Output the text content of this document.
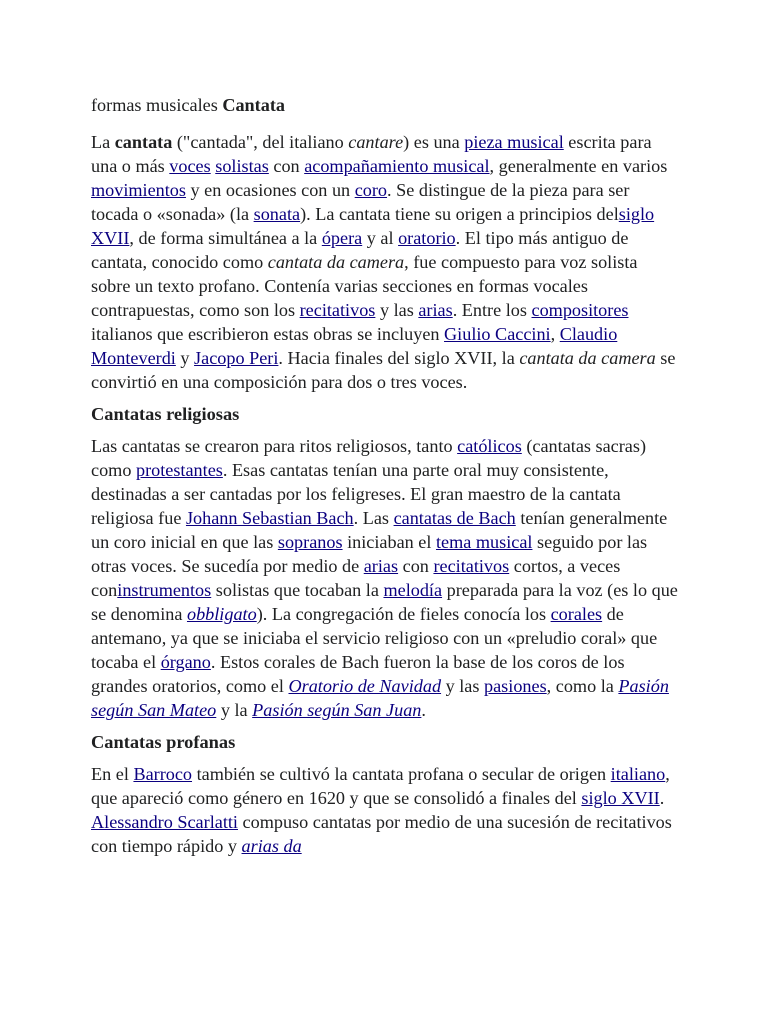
formas musicales Cantata

La cantata ("cantada", del italiano cantare) es una pieza musical escrita para una o más voces solistas con acompañamiento musical, generalmente en varios movimientos y en ocasiones con un coro. Se distingue de la pieza para ser tocada o «sonada» (la sonata). La cantata tiene su origen a principios delsiglo XVII, de forma simultánea a la ópera y al oratorio. El tipo más antiguo de cantata, conocido como cantata da camera, fue compuesto para voz solista sobre un texto profano. Contenía varias secciones en formas vocales contrapuestas, como son los recitativos y las arias. Entre los compositores italianos que escribieron estas obras se incluyen Giulio Caccini, Claudio Monteverdi y Jacopo Peri. Hacia finales del siglo XVII, la cantata da camera se convirtió en una composición para dos o tres voces.

Cantatas religiosas

Las cantatas se crearon para ritos religiosos, tanto católicos (cantatas sacras) como protestantes. Esas cantatas tenían una parte oral muy consistente, destinadas a ser cantadas por los feligreses. El gran maestro de la cantata religiosa fue Johann Sebastian Bach. Las cantatas de Bach tenían generalmente un coro inicial en que las sopranos iniciaban el tema musical seguido por las otras voces. Se sucedía por medio de arias con recitativos cortos, a veces coninstrumentos solistas que tocaban la melodía preparada para la voz (es lo que se denomina obbligato). La congregación de fieles conocía los corales de antemano, ya que se iniciaba el servicio religioso con un «preludio coral» que tocaba el órgano. Estos corales de Bach fueron la base de los coros de los grandes oratorios, como el Oratorio de Navidad y las pasiones, como la Pasión según San Mateo y la Pasión según San Juan.

Cantatas profanas

En el Barroco también se cultivó la cantata profana o secular de origen italiano, que apareció como género en 1620 y que se consolidó a finales del siglo XVII. Alessandro Scarlatti compuso cantatas por medio de una sucesión de recitativos con tiempo rápido y arias da
